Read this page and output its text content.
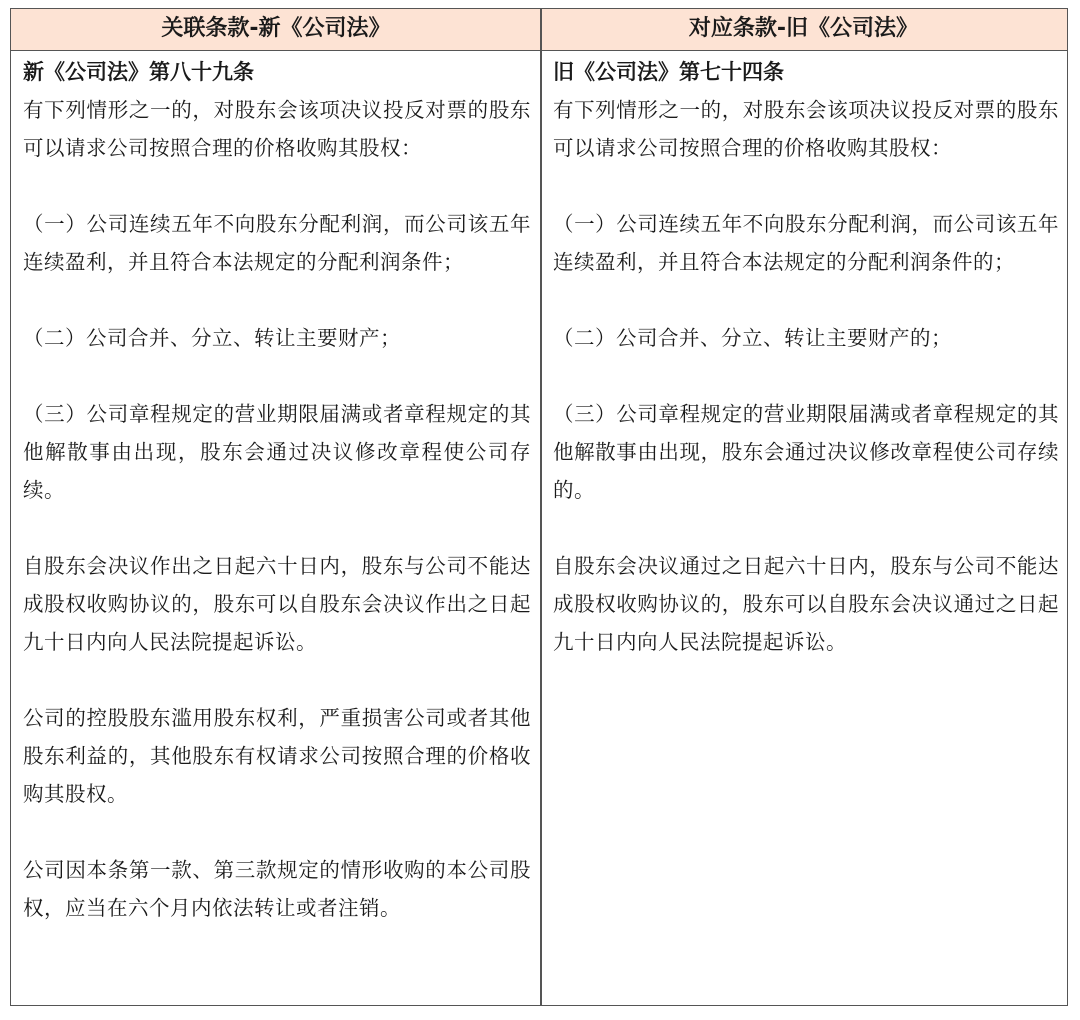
关联条款-新《公司法》	对应条款-旧《公司法》
新《公司法》第八十九条

有下列情形之一的，对股东会该项决议投反对票的股东可以请求公司按照合理的价格收购其股权：

（一）公司连续五年不向股东分配利润，而公司该五年连续盈利，并且符合本法规定的分配利润条件；

（二）公司合并、分立、转让主要财产；

（三）公司章程规定的营业期限届满或者章程规定的其他解散事由出现，股东会通过决议修改章程使公司存续。

自股东会决议作出之日起六十日内，股东与公司不能达成股权收购协议的，股东可以自股东会决议作出之日起九十日内向人民法院提起诉讼。

公司的控股股东滥用股东权利，严重损害公司或者其他股东利益的，其他股东有权请求公司按照合理的价格收购其股权。

公司因本条第一款、第三款规定的情形收购的本公司股权，应当在六个月内依法转让或者注销。

旧《公司法》第七十四条

有下列情形之一的，对股东会该项决议投反对票的股东可以请求公司按照合理的价格收购其股权：

（一）公司连续五年不向股东分配利润，而公司该五年连续盈利，并且符合本法规定的分配利润条件的；

（二）公司合并、分立、转让主要财产的；

（三）公司章程规定的营业期限届满或者章程规定的其他解散事由出现，股东会通过决议修改章程使公司存续的。

自股东会决议通过之日起六十日内，股东与公司不能达成股权收购协议的，股东可以自股东会决议通过之日起九十日内向人民法院提起诉讼。
